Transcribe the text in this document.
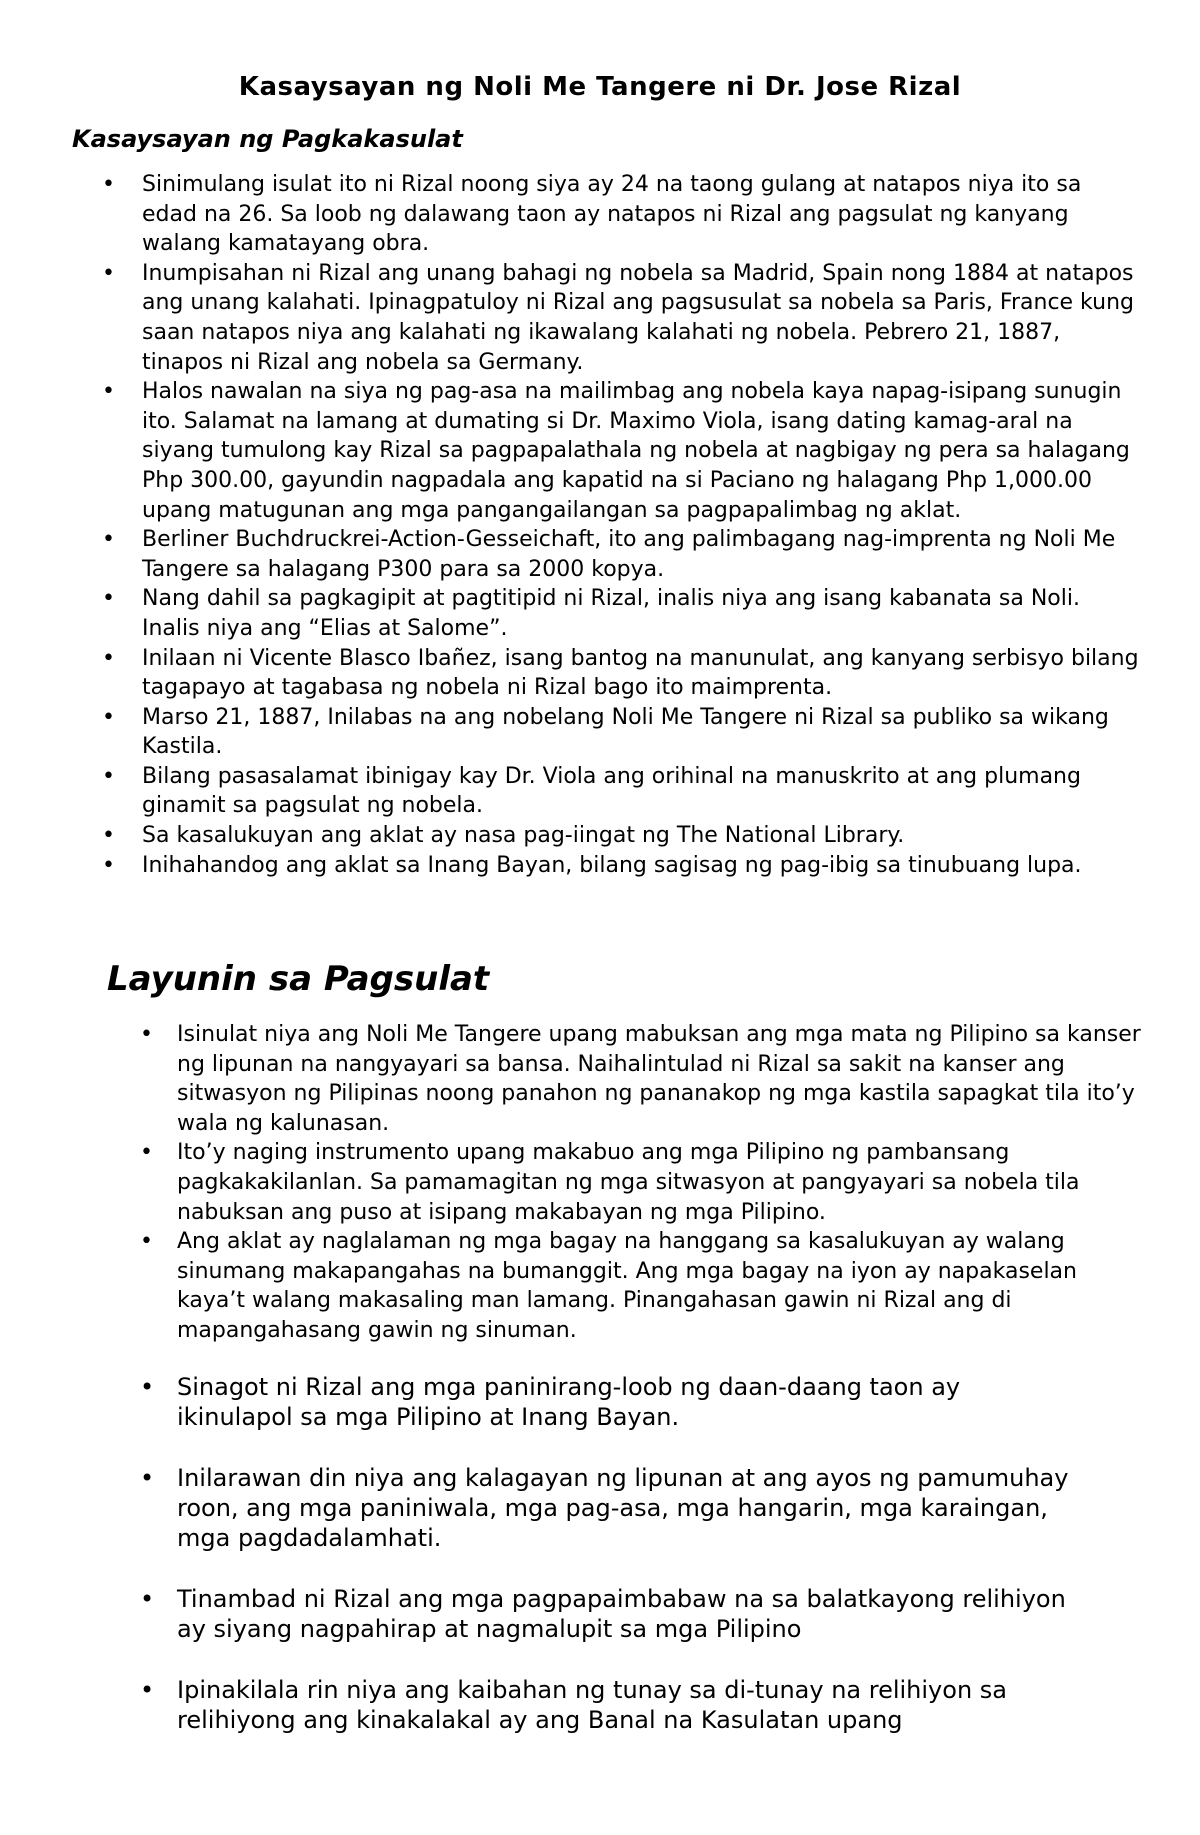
Kasaysayan ng Noli Me Tangere ni Dr. Jose Rizal
Kasaysayan ng Pagkakasulat
• Sinimulang isulat ito ni Rizal noong siya ay 24 na taong gulang at natapos niya ito sa edad na 26. Sa loob ng dalawang taon ay natapos ni Rizal ang pagsulat ng kanyang walang kamatayang obra.
• Inumpisahan ni Rizal ang unang bahagi ng nobela sa Madrid, Spain nong 1884 at natapos ang unang kalahati. Ipinagpatuloy ni Rizal ang pagsusulat sa nobela sa Paris, France kung saan natapos niya ang kalahati ng ikawalang kalahati ng nobela. Pebrero 21, 1887, tinapos ni Rizal ang nobela sa Germany.
• Halos nawalan na siya ng pag-asa na mailimbag ang nobela kaya napag-isipang sunugin ito. Salamat na lamang at dumating si Dr. Maximo Viola, isang dating kamag-aral na siyang tumulong kay Rizal sa pagpapalathala ng nobela at nagbigay ng pera sa halagang Php 300.00, gayundin nagpadala ang kapatid na si Paciano ng halagang Php 1,000.00 upang matugunan ang mga pangangailangan sa pagpapalimbag ng aklat.
• Berliner Buchdruckrei-Action-Gesseichaft, ito ang palimbagang nag-imprenta ng Noli Me Tangere sa halagang P300 para sa 2000 kopya.
• Nang dahil sa pagkagipit at pagtitipid ni Rizal, inalis niya ang isang kabanata sa Noli. Inalis niya ang “Elias at Salome”.
• Inilaan ni Vicente Blasco Ibañez, isang bantog na manunulat, ang kanyang serbisyo bilang tagapayo at tagabasa ng nobela ni Rizal bago ito maimprenta.
• Marso 21, 1887, Inilabas na ang nobelang Noli Me Tangere ni Rizal sa publiko sa wikang Kastila.
• Bilang pasasalamat ibinigay kay Dr. Viola ang orihinal na manuskrito at ang plumang ginamit sa pagsulat ng nobela.
• Sa kasalukuyan ang aklat ay nasa pag-iingat ng The National Library.
• Inihahandog ang aklat sa Inang Bayan, bilang sagisag ng pag-ibig sa tinubuang lupa.
Layunin sa Pagsulat
• Isinulat niya ang Noli Me Tangere upang mabuksan ang mga mata ng Pilipino sa kanser ng lipunan na nangyayari sa bansa. Naihalintulad ni Rizal sa sakit na kanser ang sitwasyon ng Pilipinas noong panahon ng pananakop ng mga kastila sapagkat tila ito’y wala ng kalunasan.
• Ito’y naging instrumento upang makabuo ang mga Pilipino ng pambansang pagkakakilanlan. Sa pamamagitan ng mga sitwasyon at pangyayari sa nobela tila nabuksan ang puso at isipang makabayan ng mga Pilipino.
• Ang aklat ay naglalaman ng mga bagay na hanggang sa kasalukuyan ay walang sinumang makapangahas na bumanggit. Ang mga bagay na iyon ay napakaselan kaya’t walang makasaling man lamang. Pinangahasan gawin ni Rizal ang di mapangahasang gawin ng sinuman.
• Sinagot ni Rizal ang mga paninirang-loob ng daan-daang taon ay ikinulapol sa mga Pilipino at Inang Bayan.
• Inilarawan din niya ang kalagayan ng lipunan at ang ayos ng pamumuhay roon, ang mga paniniwala, mga pag-asa, mga hangarin, mga karaingan, mga pagdadalamhati.
• Tinambad ni Rizal ang mga pagpapaimbabaw na sa balatkayong relihiyon ay siyang nagpahirap at nagmalupit sa mga Pilipino
• Ipinakilala rin niya ang kaibahan ng tunay sa di-tunay na relihiyon sa relihiyong ang kinakalakal ay ang Banal na Kasulatan upang
